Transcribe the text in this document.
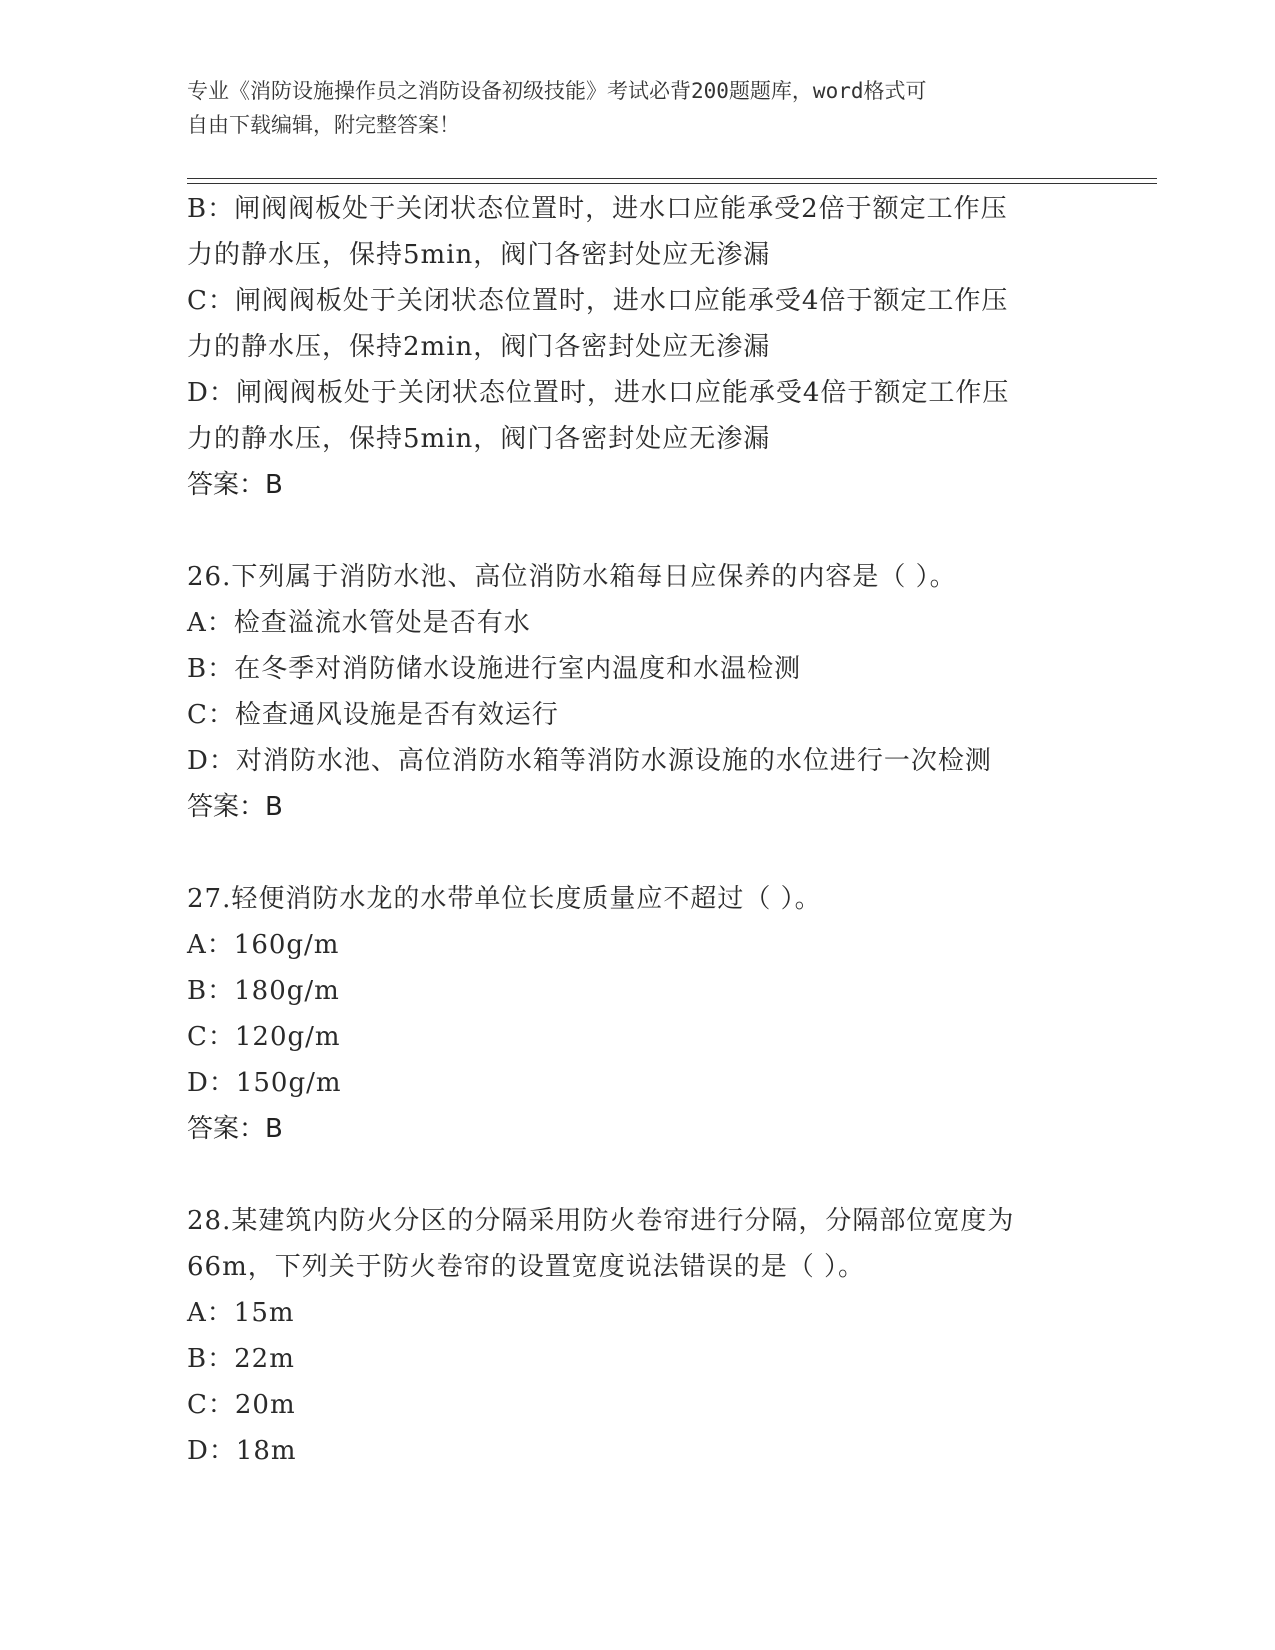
专业《消防设施操作员之消防设备初级技能》考试必背200题题库，word格式可
自由下载编辑，附完整答案！
B：闸阀阀板处于关闭状态位置时，进水口应能承受2倍于额定工作压
力的静水压，保持5min，阀门各密封处应无渗漏
C：闸阀阀板处于关闭状态位置时，进水口应能承受4倍于额定工作压
力的静水压，保持2min，阀门各密封处应无渗漏
D：闸阀阀板处于关闭状态位置时，进水口应能承受4倍于额定工作压
力的静水压，保持5min，阀门各密封处应无渗漏
答案：B
26.下列属于消防水池、高位消防水箱每日应保养的内容是（ ）。
A：检查溢流水管处是否有水
B：在冬季对消防储水设施进行室内温度和水温检测
C：检查通风设施是否有效运行
D：对消防水池、高位消防水箱等消防水源设施的水位进行一次检测
答案：B
27.轻便消防水龙的水带单位长度质量应不超过（ ）。
A：160g/m
B：180g/m
C：120g/m
D：150g/m
答案：B
28.某建筑内防火分区的分隔采用防火卷帘进行分隔，分隔部位宽度为
66m，下列关于防火卷帘的设置宽度说法错误的是（ ）。
A：15m
B：22m
C：20m
D：18m
